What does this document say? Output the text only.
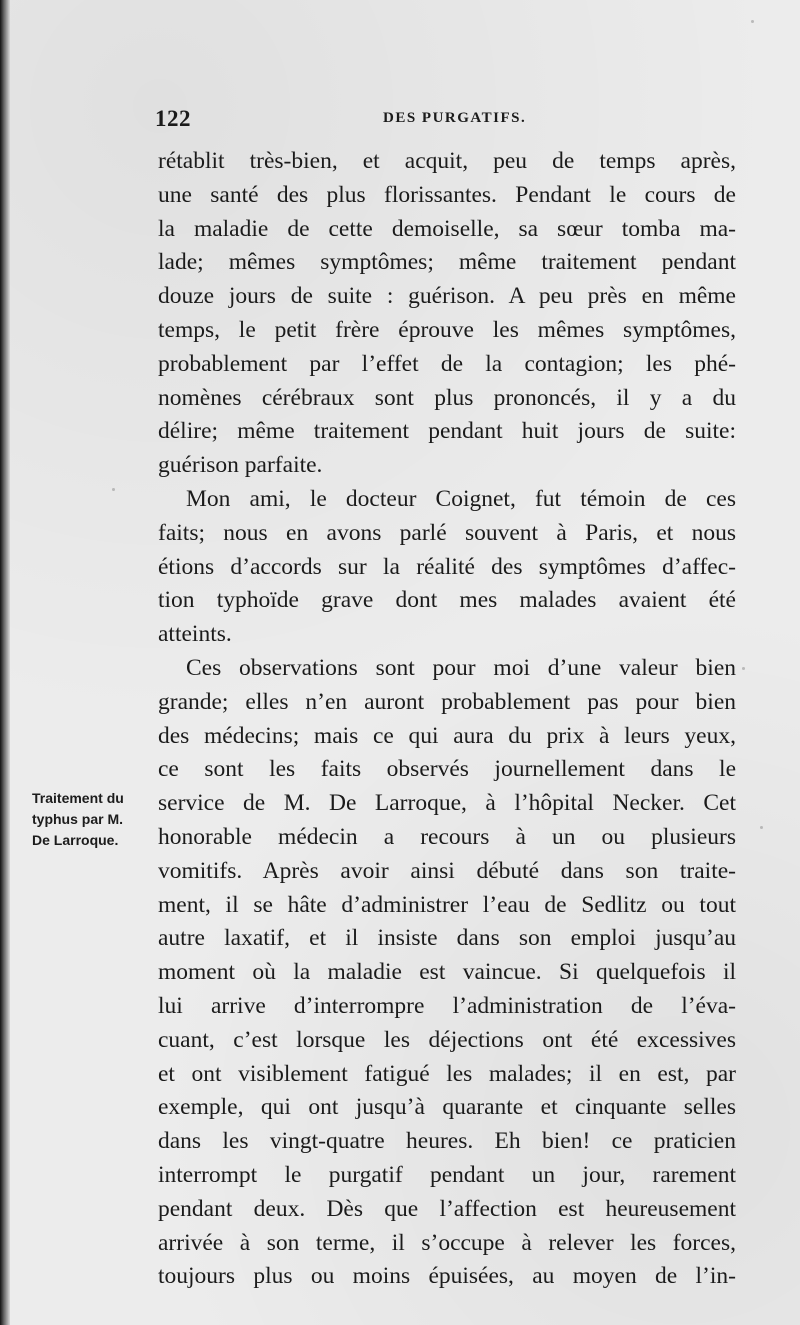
122	DES PURGATIFS.
Traitement du
typhus par M.
De Larroque.
rétablit très-bien, et acquit, peu de temps après,
une santé des plus florissantes. Pendant le cours de
la maladie de cette demoiselle, sa sœur tomba ma-
lade; mêmes symptômes; même traitement pendant
douze jours de suite : guérison. A peu près en même
temps, le petit frère éprouve les mêmes symptômes,
probablement par l’effet de la contagion; les phé-
nomènes cérébraux sont plus prononcés, il y a du
délire; même traitement pendant huit jours de suite:
guérison parfaite.
Mon ami, le docteur Coignet, fut témoin de ces
faits; nous en avons parlé souvent à Paris, et nous
étions d’accords sur la réalité des symptômes d’affec-
tion typhoïde grave dont mes malades avaient été
atteints.
Ces observations sont pour moi d’une valeur bien
grande; elles n’en auront probablement pas pour bien
des médecins; mais ce qui aura du prix à leurs yeux,
ce sont les faits observés journellement dans le
service de M. De Larroque, à l’hôpital Necker. Cet
honorable médecin a recours à un ou plusieurs
vomitifs. Après avoir ainsi débuté dans son traite-
ment, il se hâte d’administrer l’eau de Sedlitz ou tout
autre laxatif, et il insiste dans son emploi jusqu’au
moment où la maladie est vaincue. Si quelquefois il
lui arrive d’interrompre l’administration de l’éva-
cuant, c’est lorsque les déjections ont été excessives
et ont visiblement fatigué les malades; il en est, par
exemple, qui ont jusqu’à quarante et cinquante selles
dans les vingt-quatre heures. Eh bien! ce praticien
interrompt le purgatif pendant un jour, rarement
pendant deux. Dès que l’affection est heureusement
arrivée à son terme, il s’occupe à relever les forces,
toujours plus ou moins épuisées, au moyen de l’in-
